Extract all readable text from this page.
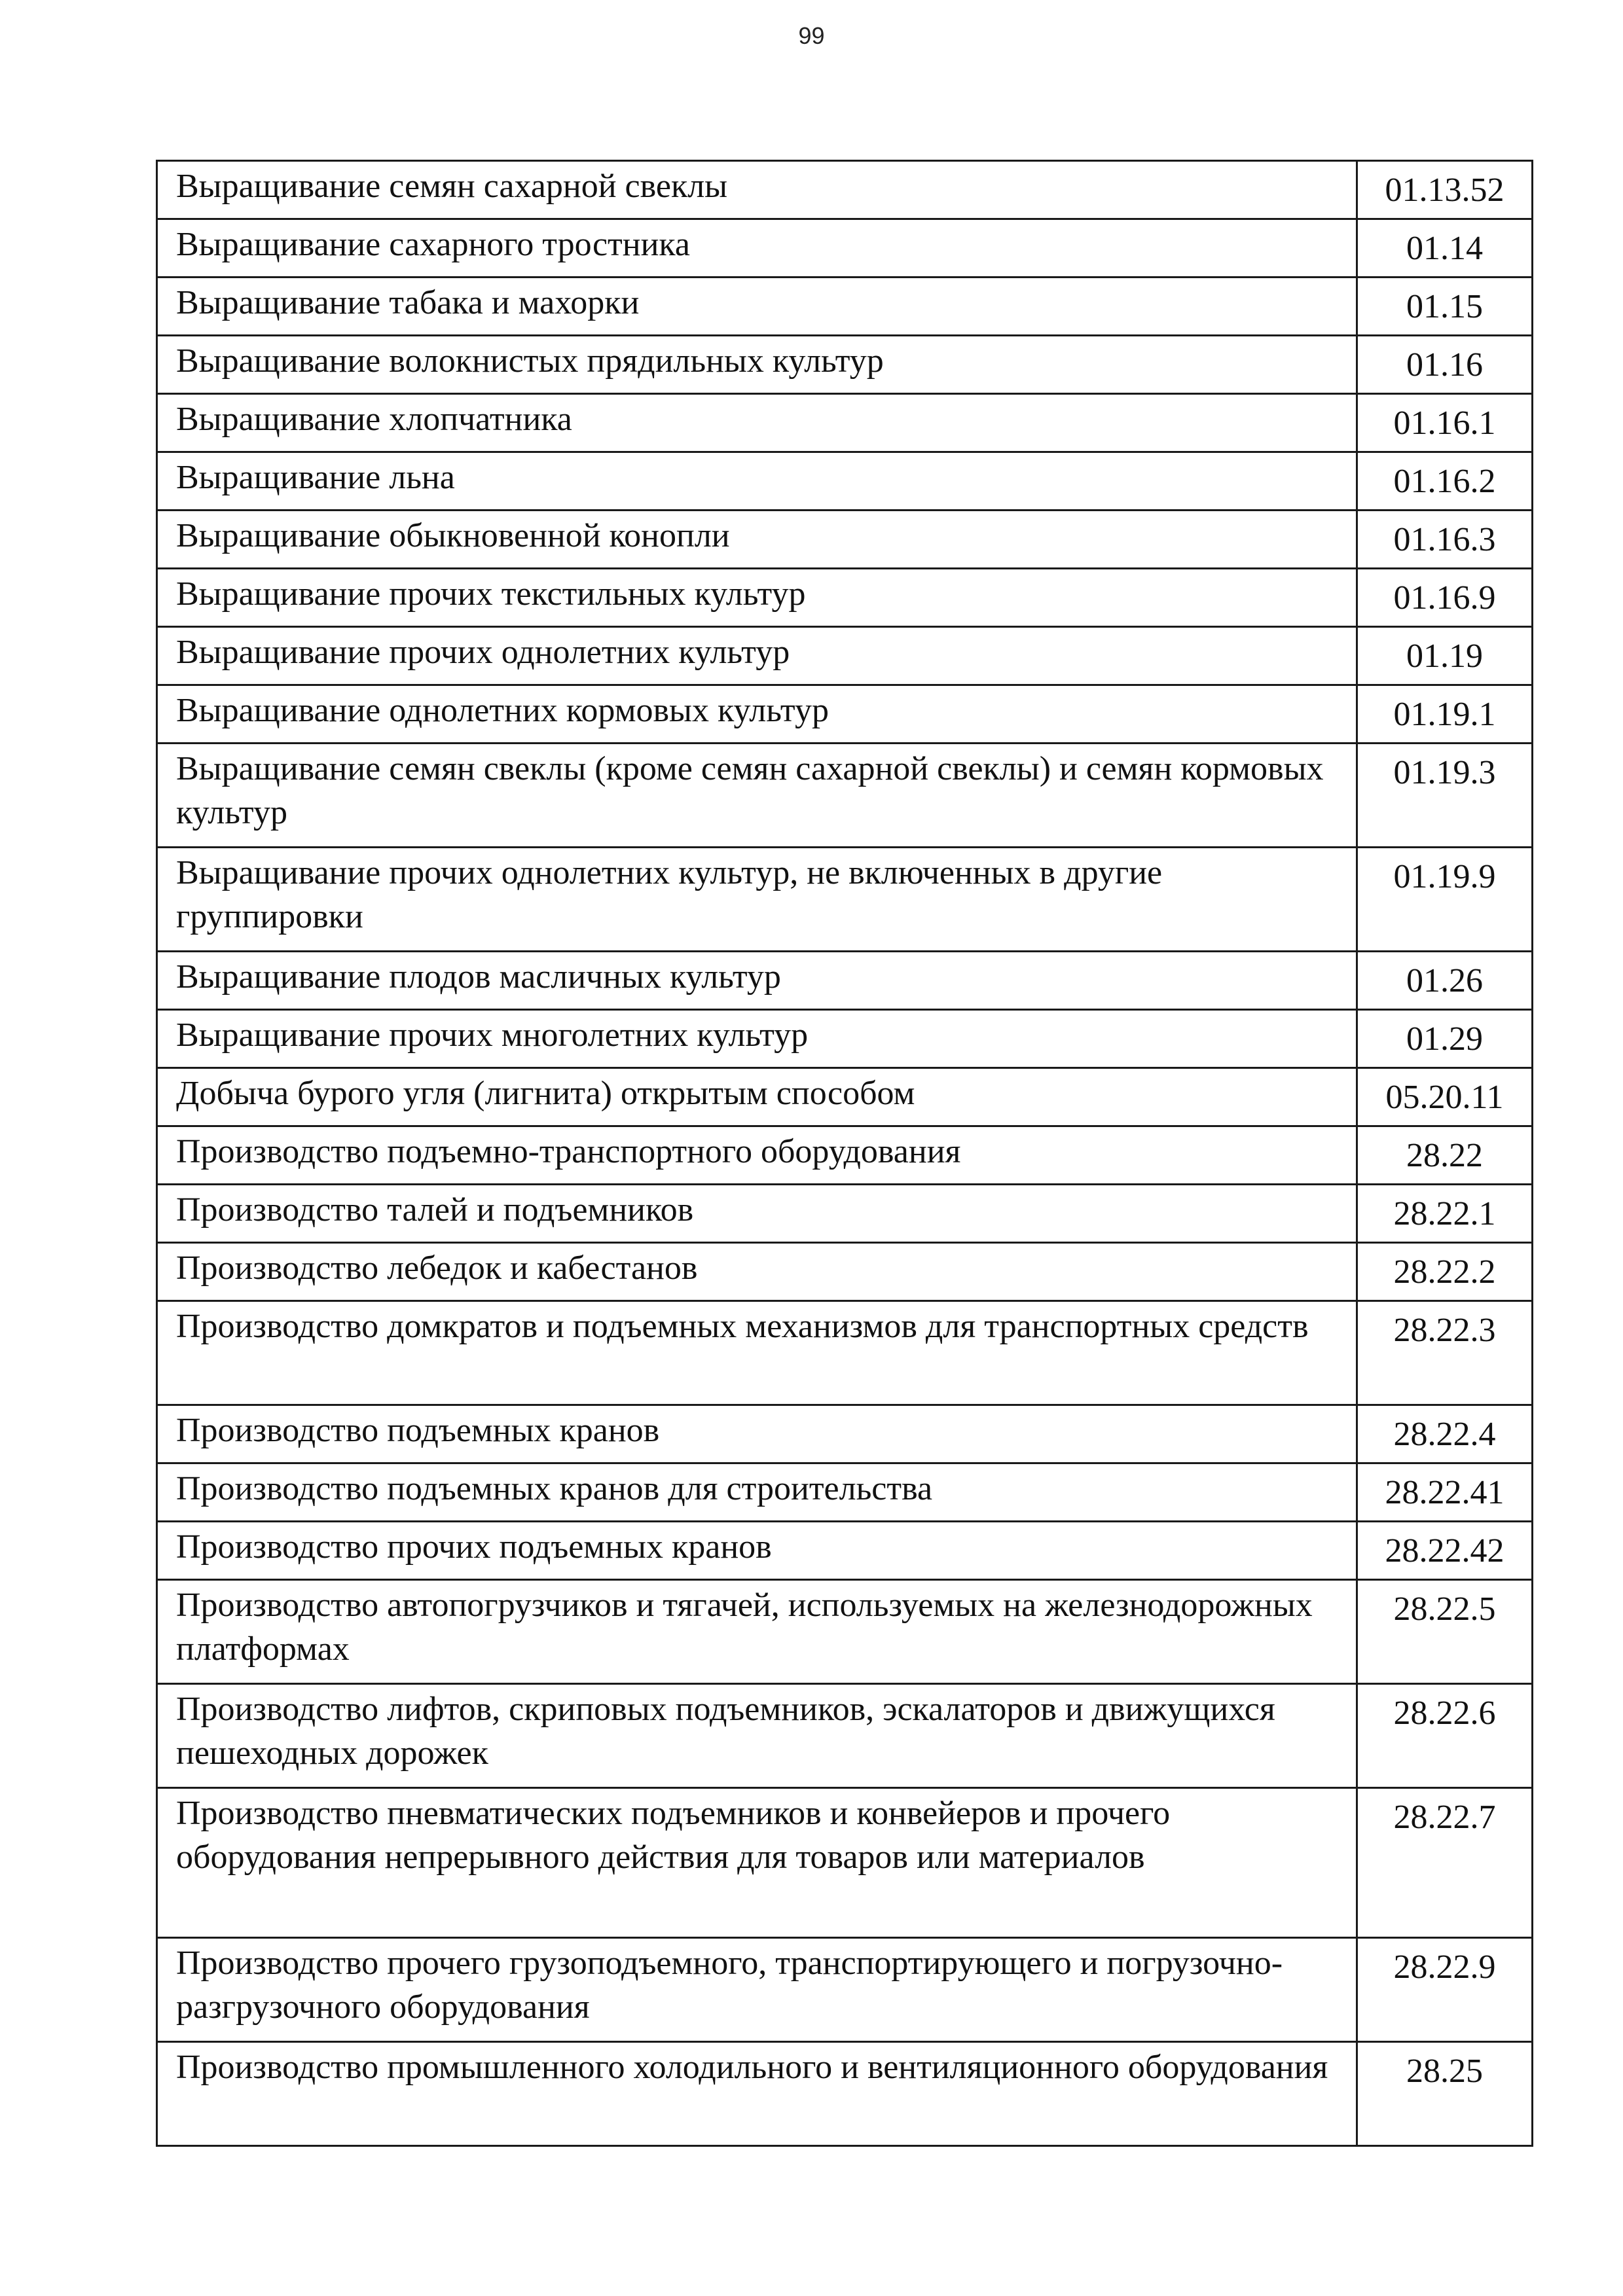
99
Выращивание семян сахарной свеклы	01.13.52
Выращивание сахарного тростника	01.14
Выращивание табака и махорки	01.15
Выращивание волокнистых прядильных культур	01.16
Выращивание хлопчатника	01.16.1
Выращивание льна	01.16.2
Выращивание обыкновенной конопли	01.16.3
Выращивание прочих текстильных культур	01.16.9
Выращивание прочих однолетних культур	01.19
Выращивание однолетних кормовых культур	01.19.1
Выращивание семян свеклы (кроме семян сахарной свеклы) и семян кормовых культур	01.19.3
Выращивание прочих однолетних культур, не включенных в другие группировки	01.19.9
Выращивание плодов масличных культур	01.26
Выращивание прочих многолетних культур	01.29
Добыча бурого угля (лигнита) открытым способом	05.20.11
Производство подъемно-транспортного оборудования	28.22
Производство талей и подъемников	28.22.1
Производство лебедок и кабестанов	28.22.2
Производство домкратов и подъемных механизмов для транспортных средств	28.22.3
Производство подъемных кранов	28.22.4
Производство подъемных кранов для строительства	28.22.41
Производство прочих подъемных кранов	28.22.42
Производство автопогрузчиков и тягачей, используемых на железнодорожных платформах	28.22.5
Производство лифтов, скриповых подъемников, эскалаторов и движущихся пешеходных дорожек	28.22.6
Производство пневматических подъемников и конвейеров и прочего оборудования непрерывного действия для товаров или материалов	28.22.7
Производство прочего грузоподъемного, транспортирующего и погрузочно-разгрузочного оборудования	28.22.9
Производство промышленного холодильного и вентиляционного оборудования	28.25
